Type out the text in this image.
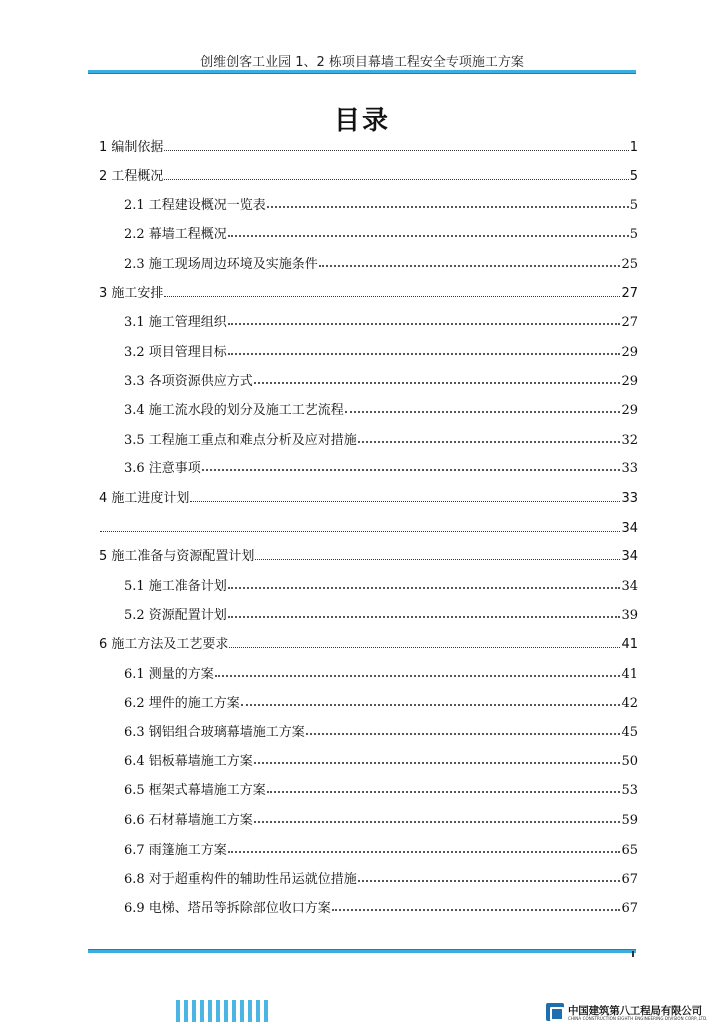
创维创客工业园 1、2 栋项目幕墙工程安全专项施工方案
目录
1 编制依据	1
2 工程概况	5
2.1 工程建设概况一览表	5
2.2 幕墙工程概况	5
2.3 施工现场周边环境及实施条件	25
3 施工安排	27
3.1 施工管理组织	27
3.2 项目管理目标	29
3.3 各项资源供应方式	29
3.4 施工流水段的划分及施工工艺流程	29
3.5 工程施工重点和难点分析及应对措施	32
3.6 注意事项	33
4 施工进度计划	33
34
5 施工准备与资源配置计划	34
5.1 施工准备计划	34
5.2 资源配置计划	39
6 施工方法及工艺要求	41
6.1 测量的方案	41
6.2 埋件的施工方案	42
6.3 钢铝组合玻璃幕墙施工方案	45
6.4 铝板幕墙施工方案	50
6.5 框架式幕墙施工方案	53
6.6 石材幕墙施工方案	59
6.7 雨篷施工方案	65
6.8 对于超重构件的辅助性吊运就位措施	67
6.9 电梯、塔吊等拆除部位收口方案	67
中国建筑第八工程局有限公司
CHINA CONSTRUCTION EIGHTH ENGINEERING DIVISION CORP.,LTD.
